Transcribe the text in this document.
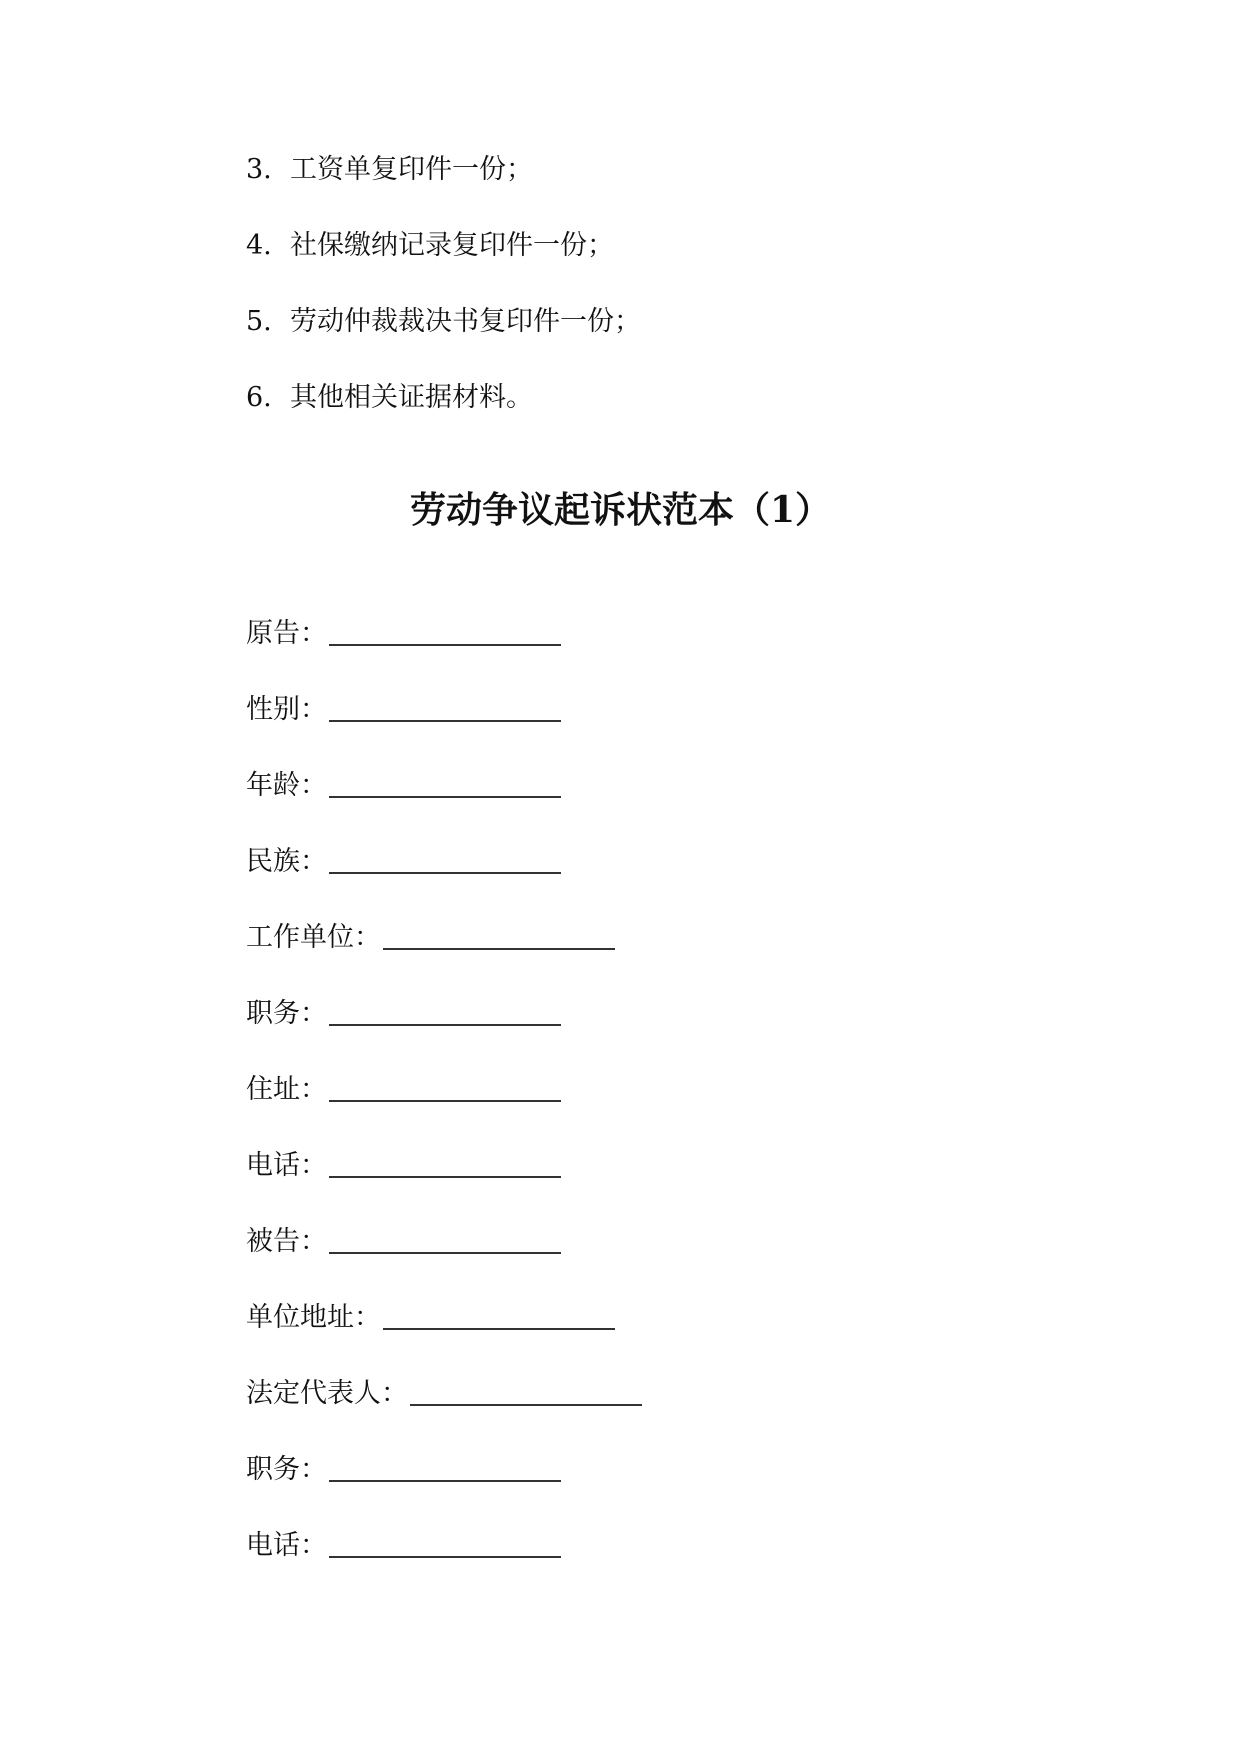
3. 工资单复印件一份；
4. 社保缴纳记录复印件一份；
5. 劳动仲裁裁决书复印件一份；
6. 其他相关证据材料。
劳动争议起诉状范本（1）
原告：
性别：
年龄：
民族：
工作单位：
职务：
住址：
电话：
被告：
单位地址：
法定代表人：
职务：
电话：
